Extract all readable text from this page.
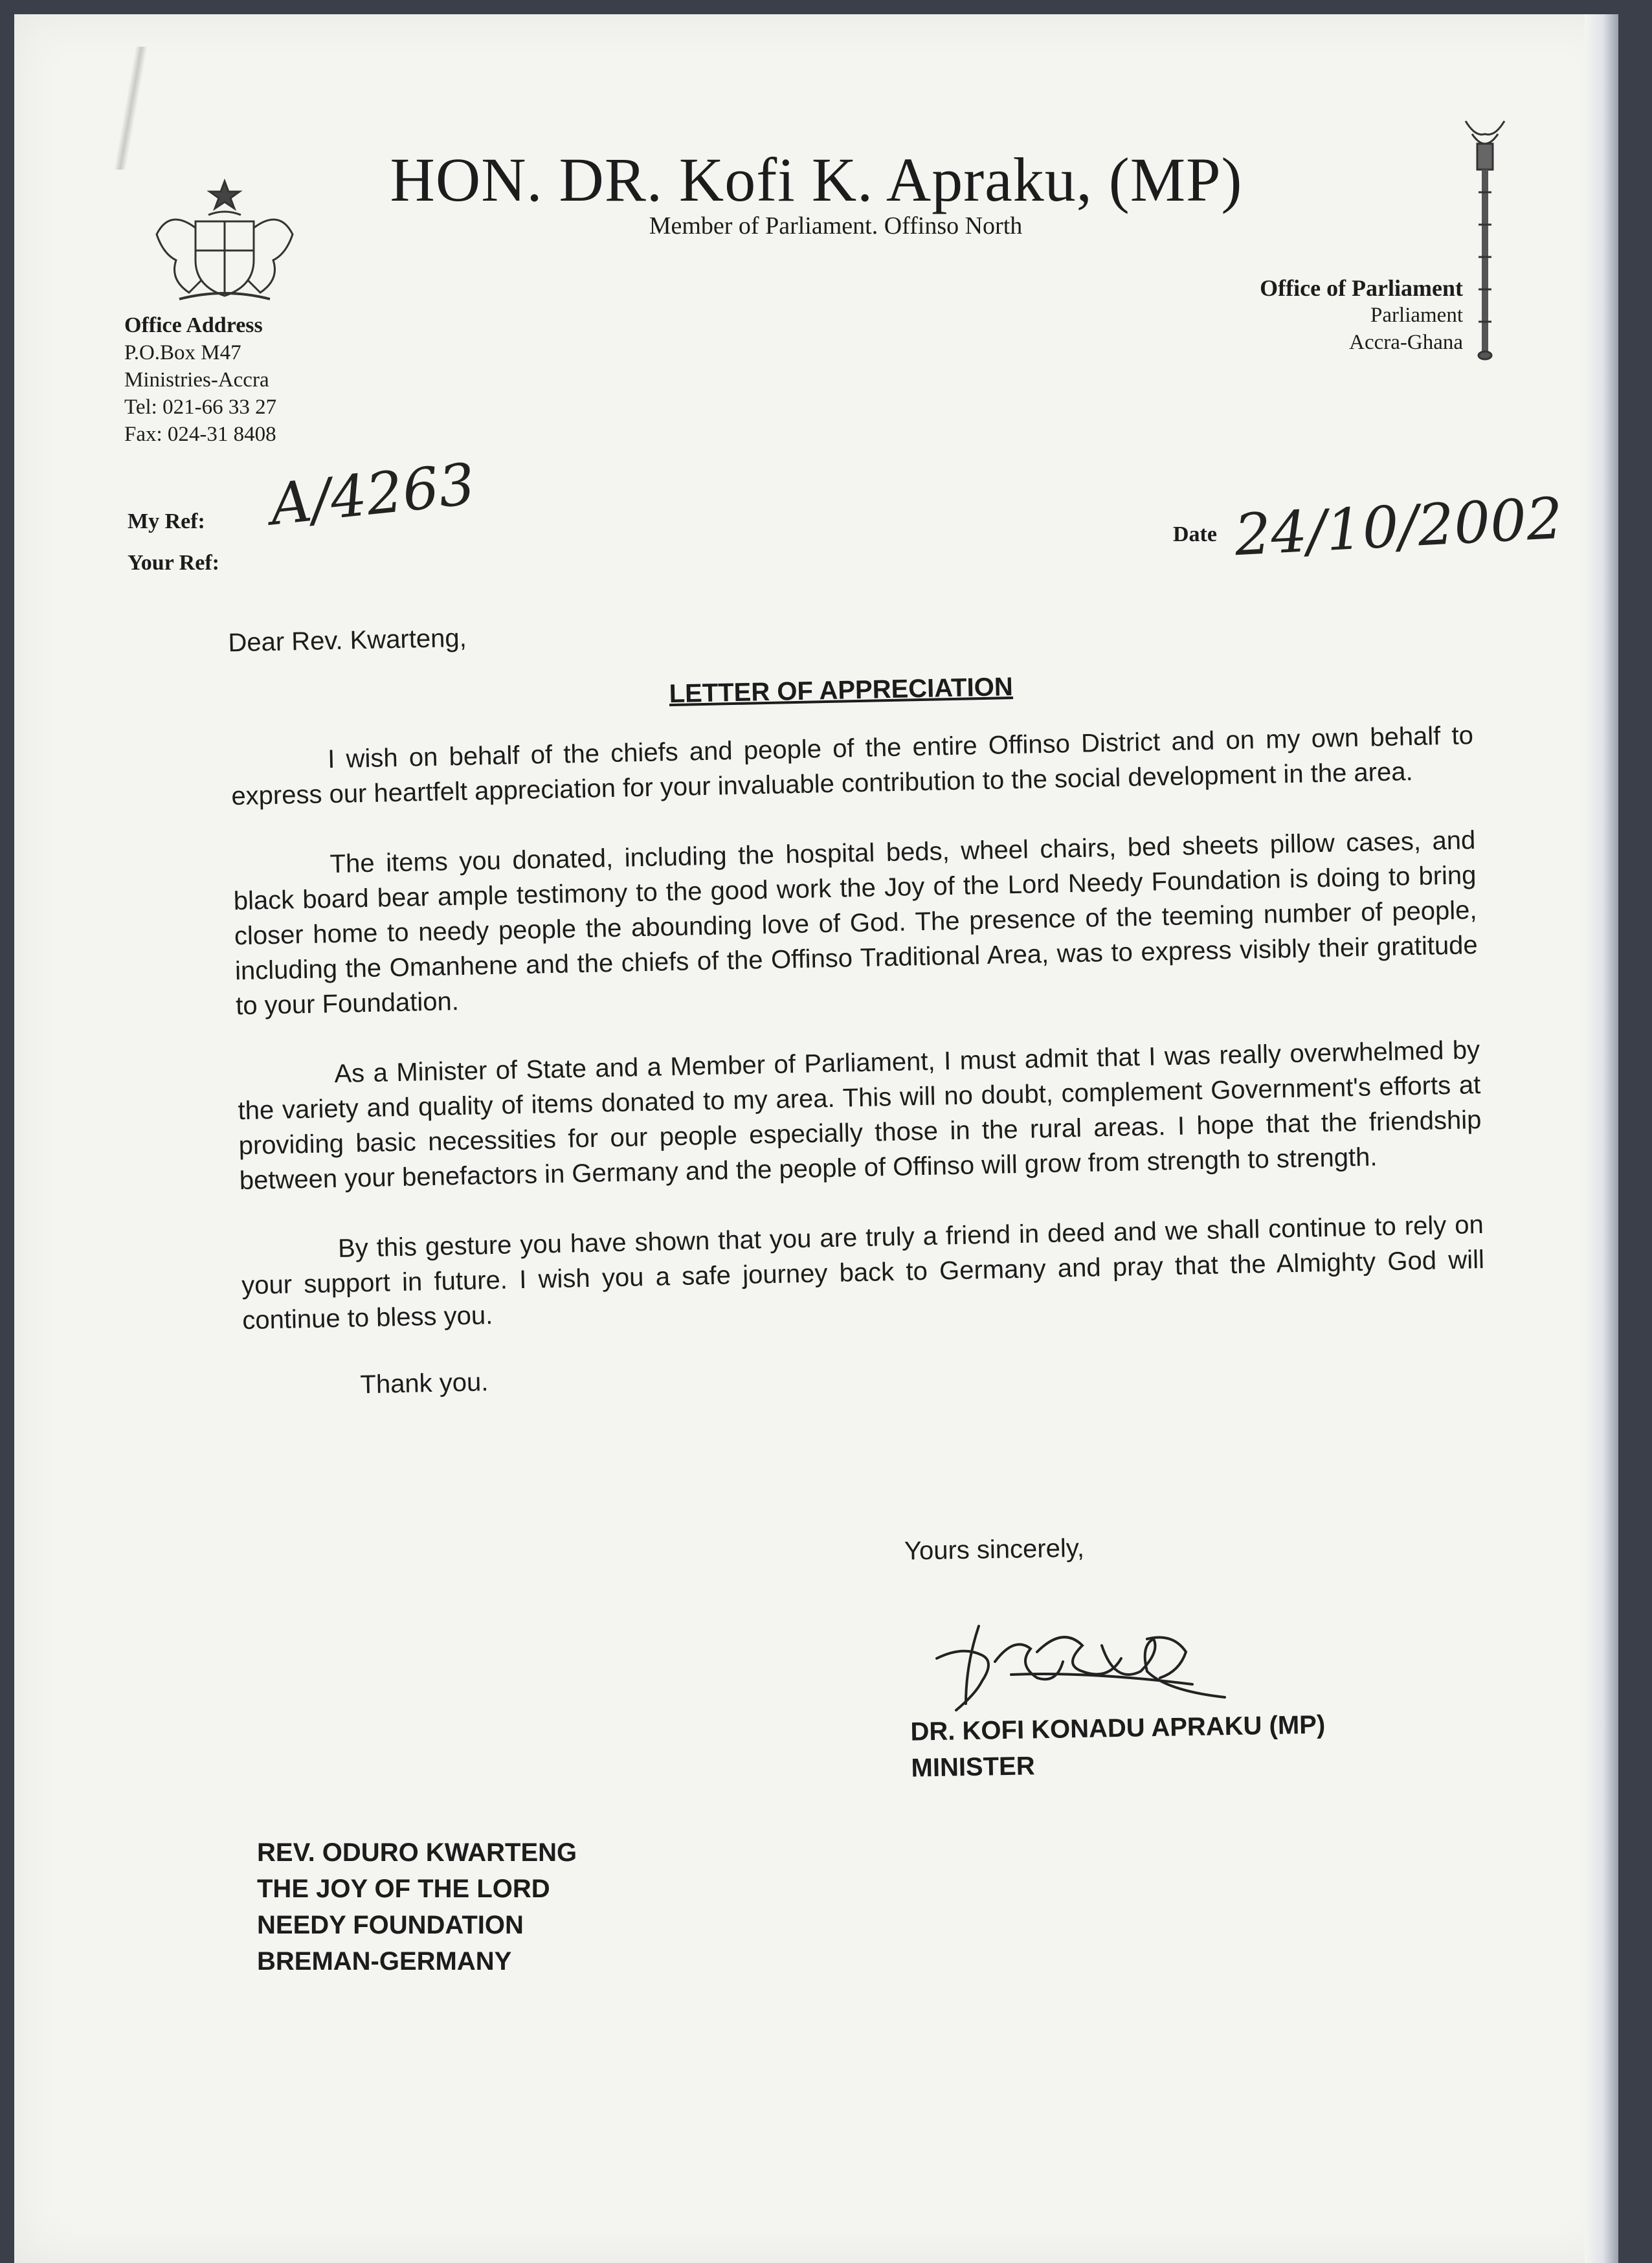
HON. DR. Kofi K. Apraku, (MP)
Member of Parliament. Offinso North
Office Address
P.O.Box M47
Ministries-Accra
Tel: 021-66 33 27
Fax: 024-31 8408
Office of Parliament
Parliament
Accra-Ghana
My Ref:
Your Ref:
A/4263	Date 24/10/2002
Dear Rev. Kwarteng,
LETTER OF APPRECIATION

I wish on behalf of the chiefs and people of the entire Offinso District and on my own behalf to express our heartfelt appreciation for your invaluable contribution to the social development in the area.

The items you donated, including the hospital beds, wheel chairs, bed sheets pillow cases, and black board bear ample testimony to the good work the Joy of the Lord Needy Foundation is doing to bring closer home to needy people the abounding love of God. The presence of the teeming number of people, including the Omanhene and the chiefs of the Offinso Traditional Area, was to express visibly their gratitude to your Foundation.

As a Minister of State and a Member of Parliament, I must admit that I was really overwhelmed by the variety and quality of items donated to my area. This will no doubt, complement Government's efforts at providing basic necessities for our people especially those in the rural areas. I hope that the friendship between your benefactors in Germany and the people of Offinso will grow from strength to strength.

By this gesture you have shown that you are truly a friend in deed and we shall continue to rely on your support in future. I wish you a safe journey back to Germany and pray that the Almighty God will continue to bless you.

Thank you.
Yours sincerely,
DR. KOFI KONADU APRAKU (MP)
MINISTER
REV. ODURO KWARTENG
THE JOY OF THE LORD
NEEDY FOUNDATION
BREMAN-GERMANY
